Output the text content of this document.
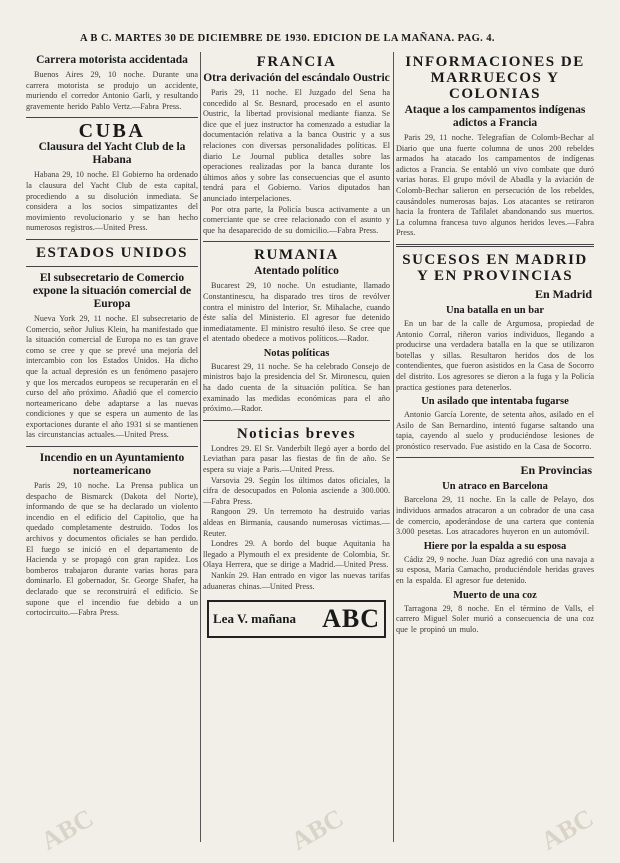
A B C. MARTES 30 DE DICIEMBRE DE 1930. EDICION DE LA MAÑANA. PAG. 4.
Carrera motorista accidentada

Buenos Aires 29, 10 noche. Durante una carrera motorista se produjo un accidente, muriendo el corredor Antonio Garli, y resultando gravemente herido Pablo Vertz.—Fabra Press.

CUBA
Clausura del Yacht Club de la Habana

Habana 29, 10 noche. El Gobierno ha ordenado la clausura del Yacht Club de esta capital, procediendo a su disolución inmediata. Se considera a los socios simpatizantes del movimiento revolucionario y se han hecho numerosos registros.—United Press.

ESTADOS UNIDOS
El subsecretario de Comercio expone la situación comercial de Europa

Nueva York 29, 11 noche. El subsecretario de Comercio, señor Julius Klein, ha manifestado que la situación comercial de Europa no es tan grave como se cree y que se prevé una mejoría del intercambio con los Estados Unidos. Ha dicho que la actual depresión es un fenómeno pasajero y que los mercados europeos se recuperarán en el curso del año próximo. Añadió que el comercio norteamericano debe adaptarse a las nuevas condiciones y que se espera un aumento de las exportaciones durante el año 1931 si se mantienen las circunstancias actuales.—United Press.

Incendio en un Ayuntamiento norteamericano

Paris 29, 10 noche. La Prensa publica un despacho de Bismarck (Dakota del Norte), informando de que se ha declarado un violento incendio en el edificio del Capitolio, que ha quedado completamente destruido. Todos los archivos y documentos oficiales se han perdido. El fuego se inició en el departamento de Hacienda y se propagó con gran rapidez. Los bomberos trabajaron durante varias horas para dominarlo. El gobernador, Sr. George Shafer, ha declarado que se reconstruirá el edificio. Se supone que el incendio fue debido a un cortocircuito.—Fabra Press.

FRANCIA
Otra derivación del escándalo Oustric

Paris 29, 11 noche. El Juzgado del Sena ha concedido al Sr. Besnard, procesado en el asunto Oustric, la libertad provisional mediante fianza. Se dice que el juez instructor ha comenzado a estudiar la documentación relativa a la banca Oustric y a sus relaciones con diversas personalidades políticas. El diario Le Journal publica detalles sobre las operaciones realizadas por la banca durante los últimos años y sobre las consecuencias que el asunto tendrá para el Gobierno. Varios diputados han anunciado interpelaciones.

Por otra parte, la Policía busca activamente a un comerciante que se cree relacionado con el asunto y que ha desaparecido de su domicilio.—Fabra Press.

RUMANIA
Atentado político

Bucarest 29, 10 noche. Un estudiante, llamado Constantinescu, ha disparado tres tiros de revólver contra el ministro del Interior, Sr. Mihalache, cuando éste salía del Ministerio. El agresor fue detenido inmediatamente. El ministro resultó ileso. Se cree que el atentado obedece a motivos políticos.—Rador.

Notas políticas

Bucarest 29, 11 noche. Se ha celebrado Consejo de ministros bajo la presidencia del Sr. Mironescu, quien ha dado cuenta de la situación política. Se han examinado las medidas económicas para el año próximo.—Rador.

Noticias breves

Londres 29. El Sr. Vanderbilt llegó ayer a bordo del Leviathan para pasar las fiestas de fin de año. Se espera su viaje a Paris.—United Press.

Varsovia 29. Según los últimos datos oficiales, la cifra de desocupados en Polonia asciende a 300.000.—Fabra Press.

Rangoon 29. Un terremoto ha destruido varias aldeas en Birmania, causando numerosas víctimas.—Reuter.

Londres 29. A bordo del buque Aquitania ha llegado a Plymouth el ex presidente de Colombia, Sr. Olaya Herrera, que se dirige a Madrid.—United Press.

Nankín 29. Han entrado en vigor las nuevas tarifas aduaneras chinas.—United Press.

Lea V. mañana ABC
INFORMACIONES DE MARRUECOS Y COLONIAS
Ataque a los campamentos indígenas adictos a Francia

Paris 29, 11 noche. Telegrafían de Colomb-Bechar al Diario que una fuerte columna de unos 200 rebeldes armados ha atacado los campamentos de indígenas adictos a Francia. Se entabló un vivo combate que duró varias horas. El grupo móvil de Abadla y la aviación de Colomb-Bechar salieron en persecución de los rebeldes, causándoles numerosas bajas. Los atacantes se retiraron hacia la frontera de Tafilalet abandonando sus muertos. La columna francesa tuvo algunos heridos leves.—Fabra Press.

SUCESOS EN MADRID Y EN PROVINCIAS
En Madrid
Una batalla en un bar

En un bar de la calle de Argumosa, propiedad de Antonio Corral, riñeron varios individuos, llegando a producirse una verdadera batalla en la que se utilizaron botellas y sillas. Resultaron heridos dos de los contendientes, que fueron asistidos en la Casa de Socorro del distrito. Los agresores se dieron a la fuga y la Policía practica gestiones para detenerlos.

Un asilado que intentaba fugarse

Antonio García Lorente, de setenta años, asilado en el Asilo de San Bernardino, intentó fugarse saltando una tapia, cayendo al suelo y produciéndose lesiones de pronóstico reservado. Fue asistido en la Casa de Socorro.

En Provincias
Un atraco en Barcelona

Barcelona 29, 11 noche. En la calle de Pelayo, dos individuos armados atracaron a un cobrador de una casa de comercio, apoderándose de una cartera que contenía 3.000 pesetas. Los atracadores huyeron en un automóvil.

Hiere por la espalda a su esposa

Cádiz 29, 9 noche. Juan Díaz agredió con una navaja a su esposa, María Camacho, produciéndole heridas graves en la espalda. El agresor fue detenido.

Muerto de una coz

Tarragona 29, 8 noche. En el término de Valls, el carrero Miguel Soler murió a consecuencia de una coz que le propinó un mulo.

ABC	ABC	ABC
